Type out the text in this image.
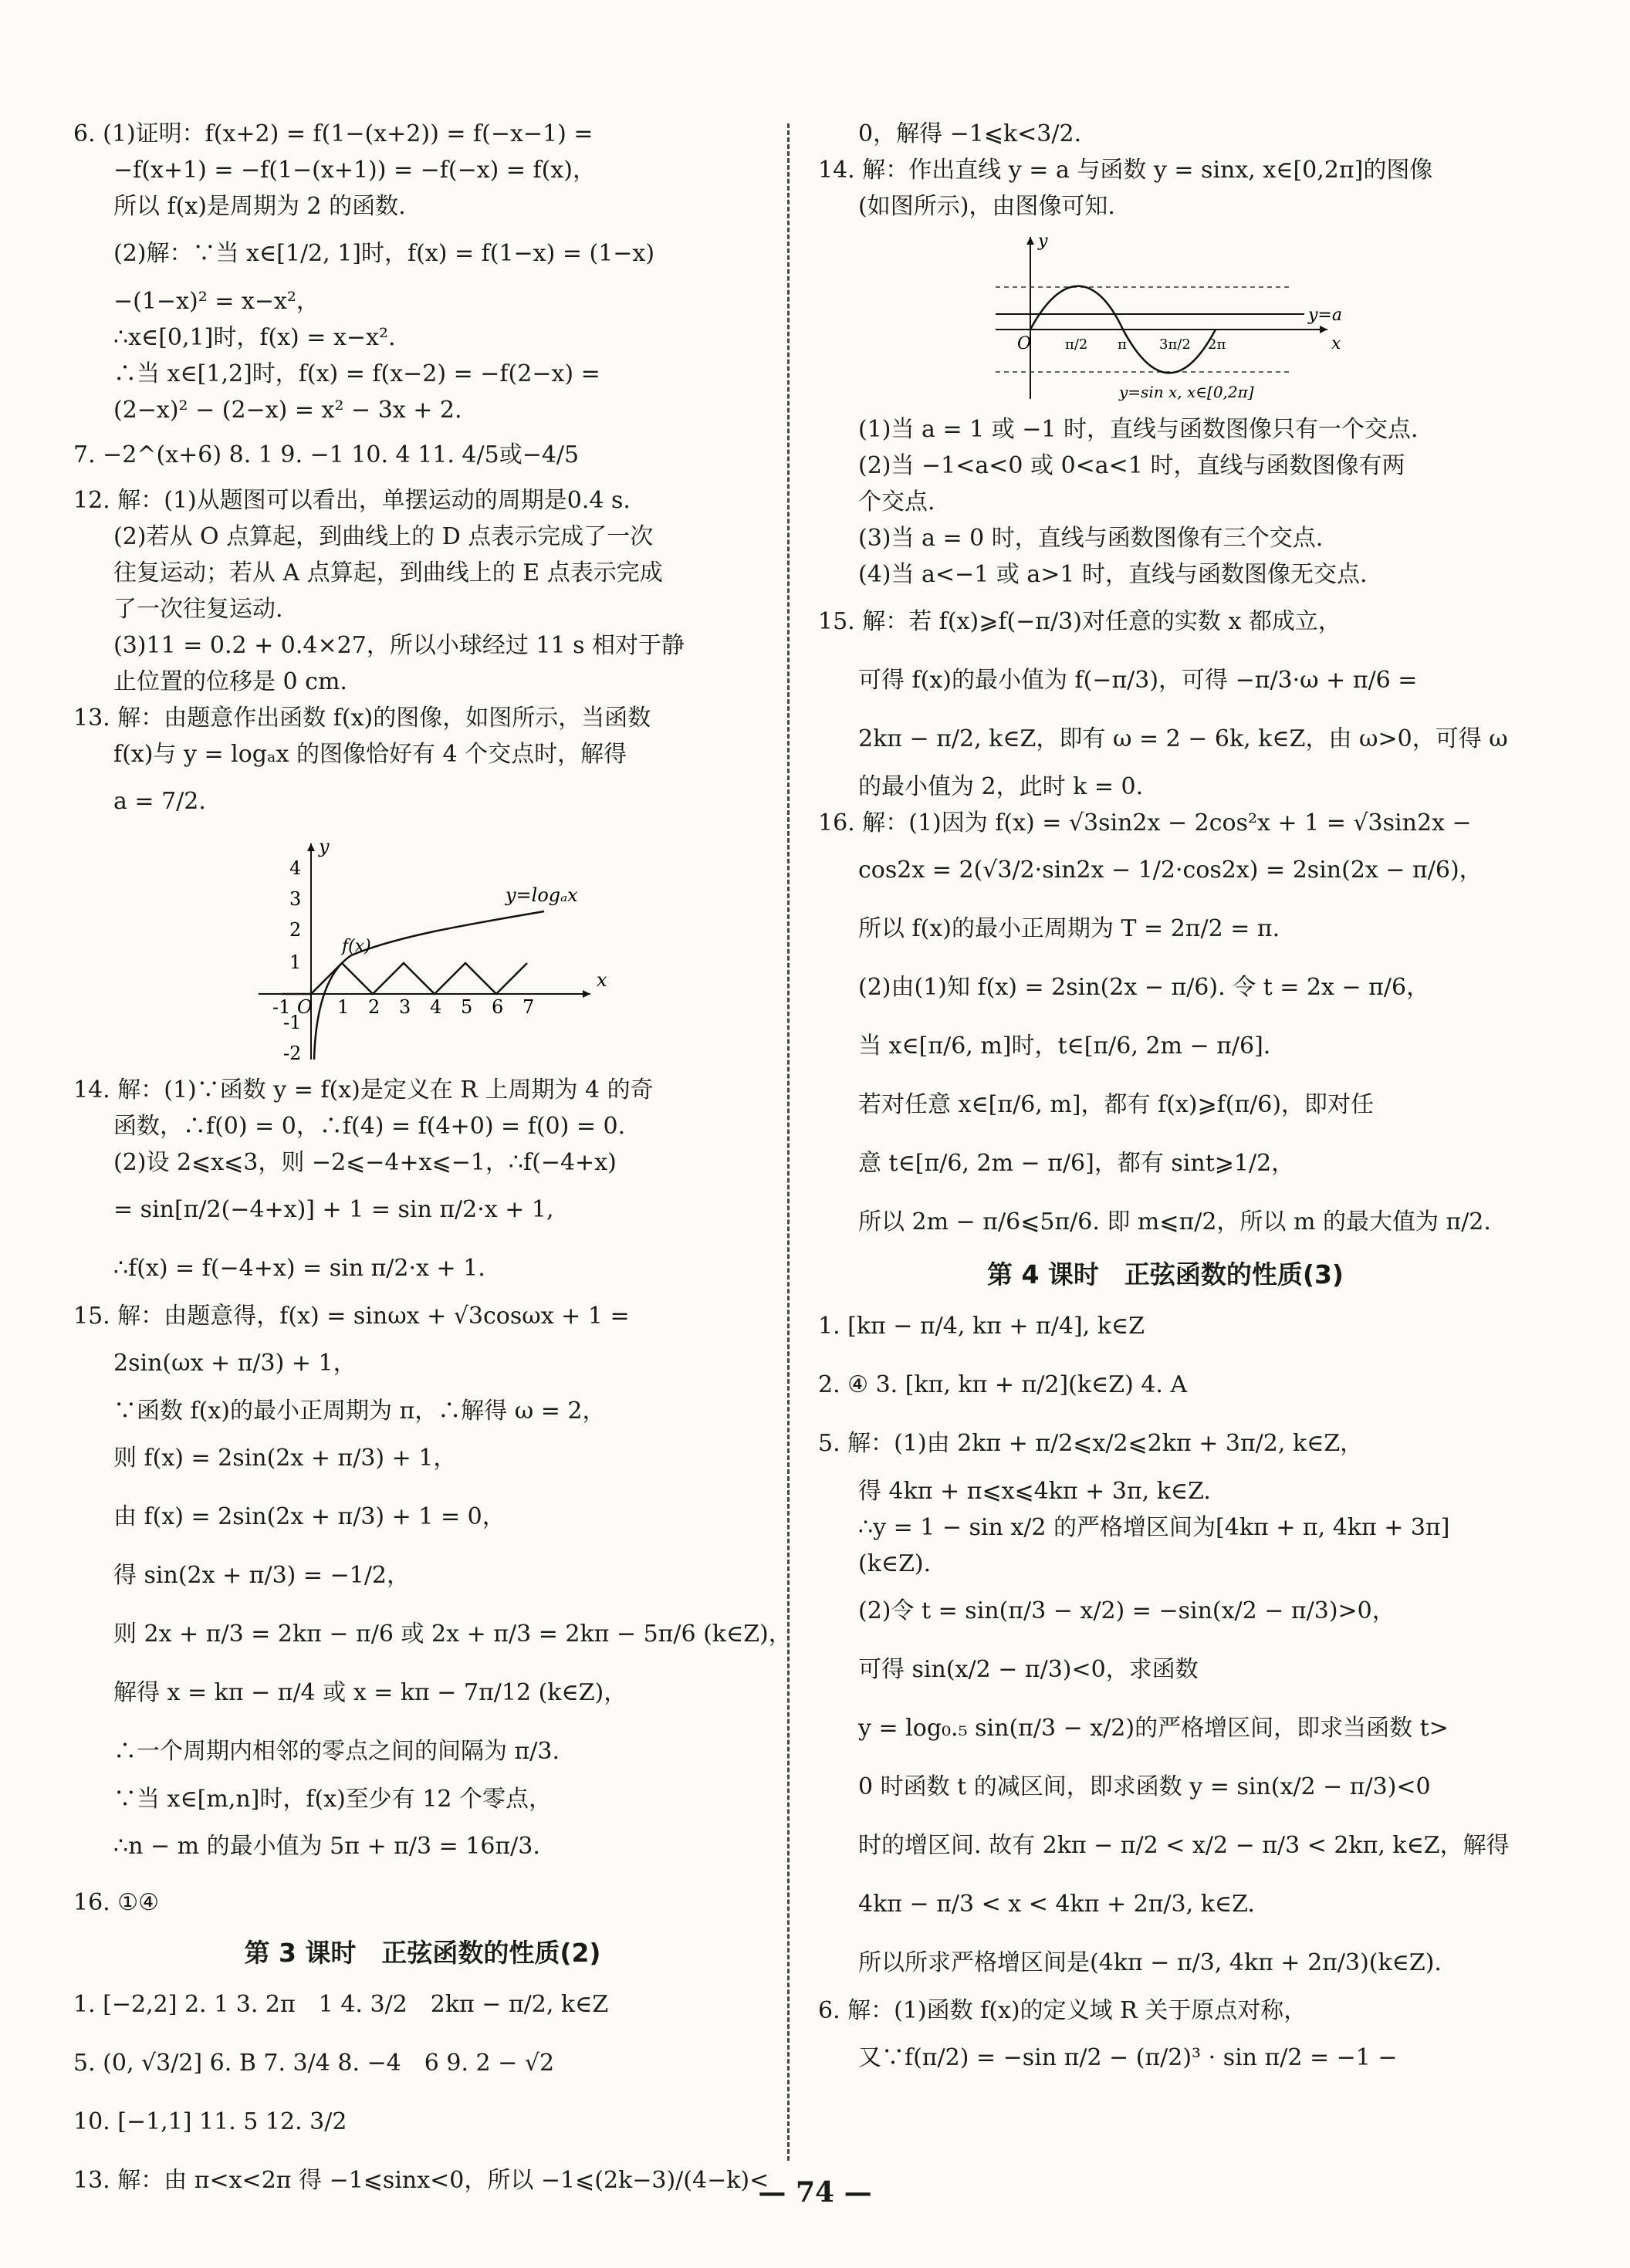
6. (1)证明：f(x+2) = f(1−(x+2)) = f(−x−1) =
−f(x+1) = −f(1−(x+1)) = −f(−x) = f(x)，
所以 f(x)是周期为 2 的函数.
(2)解：∵当 x∈[1/2, 1]时，f(x) = f(1−x) = (1−x)
−(1−x)² = x−x²，
∴x∈[0,1]时，f(x) = x−x².
∴当 x∈[1,2]时，f(x) = f(x−2) = −f(2−x) =
(2−x)² − (2−x) = x² − 3x + 2.
7. −2^(x+6) 8. 1 9. −1 10. 4 11. 4/5或−4/5
12. 解：(1)从题图可以看出，单摆运动的周期是0.4 s.
(2)若从 O 点算起，到曲线上的 D 点表示完成了一次
往复运动；若从 A 点算起，到曲线上的 E 点表示完成
了一次往复运动.
(3)11 = 0.2 + 0.4×27，所以小球经过 11 s 相对于静
止位置的位移是 0 cm.
13. 解：由题意作出函数 f(x)的图像，如图所示，当函数
f(x)与 y = logₐx 的图像恰好有 4 个交点时，解得
a = 7/2.
x
y
-1 O 1 2 3 4 5 6 7
4
3
2
1
-1
-2
f(x)
y=logₐx
14. 解：(1)∵函数 y = f(x)是定义在 R 上周期为 4 的奇
函数，∴f(0) = 0，∴f(4) = f(4+0) = f(0) = 0.
(2)设 2⩽x⩽3，则 −2⩽−4+x⩽−1，∴f(−4+x)
= sin[π/2(−4+x)] + 1 = sin π/2·x + 1,
∴f(x) = f(−4+x) = sin π/2·x + 1.
15. 解：由题意得，f(x) = sinωx + √3cosωx + 1 =
2sin(ωx + π/3) + 1，
∵函数 f(x)的最小正周期为 π，∴解得 ω = 2，
则 f(x) = 2sin(2x + π/3) + 1，
由 f(x) = 2sin(2x + π/3) + 1 = 0，
得 sin(2x + π/3) = −1/2，
则 2x + π/3 = 2kπ − π/6 或 2x + π/3 = 2kπ − 5π/6 (k∈Z)，
解得 x = kπ − π/4 或 x = kπ − 7π/12 (k∈Z)，
∴一个周期内相邻的零点之间的间隔为 π/3.
∵当 x∈[m,n]时，f(x)至少有 12 个零点，
∴n − m 的最小值为 5π + π/3 = 16π/3.
16. ①④
第 3 课时　正弦函数的性质(2)
1. [−2,2] 2. 1 3. 2π　1 4. 3/2　2kπ − π/2, k∈Z
5. (0, √3/2] 6. B 7. 3/4 8. −4　6 9. 2 − √2
10. [−1,1] 11. 5 12. 3/2
13. 解：由 π<x<2π 得 −1⩽sinx<0，所以 −1⩽(2k−3)/(4−k)<
0，解得 −1⩽k<3/2.
14. 解：作出直线 y = a 与函数 y = sinx, x∈[0,2π]的图像
(如图所示)，由图像可知.
y=a
x
y
O π/2 π 3π/2 2π
y=sin x, x∈[0,2π]
(1)当 a = 1 或 −1 时，直线与函数图像只有一个交点.
(2)当 −1<a<0 或 0<a<1 时，直线与函数图像有两
个交点.
(3)当 a = 0 时，直线与函数图像有三个交点.
(4)当 a<−1 或 a>1 时，直线与函数图像无交点.
15. 解：若 f(x)⩾f(−π/3)对任意的实数 x 都成立，
可得 f(x)的最小值为 f(−π/3)，可得 −π/3·ω + π/6 =
2kπ − π/2, k∈Z，即有 ω = 2 − 6k, k∈Z，由 ω>0，可得 ω
的最小值为 2，此时 k = 0.
16. 解：(1)因为 f(x) = √3sin2x − 2cos²x + 1 = √3sin2x −
cos2x = 2(√3/2·sin2x − 1/2·cos2x) = 2sin(2x − π/6)，
所以 f(x)的最小正周期为 T = 2π/2 = π.
(2)由(1)知 f(x) = 2sin(2x − π/6). 令 t = 2x − π/6，
当 x∈[π/6, m]时，t∈[π/6, 2m − π/6].
若对任意 x∈[π/6, m]，都有 f(x)⩾f(π/6)，即对任
意 t∈[π/6, 2m − π/6]，都有 sint⩾1/2，
所以 2m − π/6⩽5π/6. 即 m⩽π/2，所以 m 的最大值为 π/2.
第 4 课时　正弦函数的性质(3)
1. [kπ − π/4, kπ + π/4], k∈Z
2. ④ 3. [kπ, kπ + π/2](k∈Z) 4. A
5. 解：(1)由 2kπ + π/2⩽x/2⩽2kπ + 3π/2, k∈Z，
得 4kπ + π⩽x⩽4kπ + 3π, k∈Z.
∴y = 1 − sin x/2 的严格增区间为[4kπ + π, 4kπ + 3π]
(k∈Z).
(2)令 t = sin(π/3 − x/2) = −sin(x/2 − π/3)>0，
可得 sin(x/2 − π/3)<0，求函数
y = log₀.₅ sin(π/3 − x/2)的严格增区间，即求当函数 t>
0 时函数 t 的减区间，即求函数 y = sin(x/2 − π/3)<0
时的增区间. 故有 2kπ − π/2 < x/2 − π/3 < 2kπ, k∈Z，解得
4kπ − π/3 < x < 4kπ + 2π/3, k∈Z.
所以所求严格增区间是(4kπ − π/3, 4kπ + 2π/3)(k∈Z).
6. 解：(1)函数 f(x)的定义域 R 关于原点对称，
又∵f(π/2) = −sin π/2 − (π/2)³ · sin π/2 = −1 −
— 74 —
